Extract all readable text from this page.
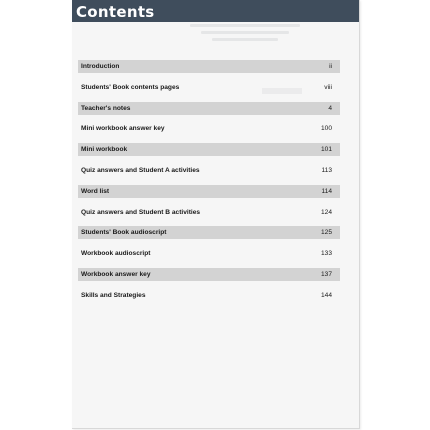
Contents
Introduction	ii
Students' Book contents pages	viii
Teacher's notes	4
Mini workbook answer key	100
Mini workbook	101
Quiz answers and Student A activities	113
Word list	114
Quiz answers and Student B activities	124
Students' Book audioscript	125
Workbook audioscript	133
Workbook answer key	137
Skills and Strategies	144
